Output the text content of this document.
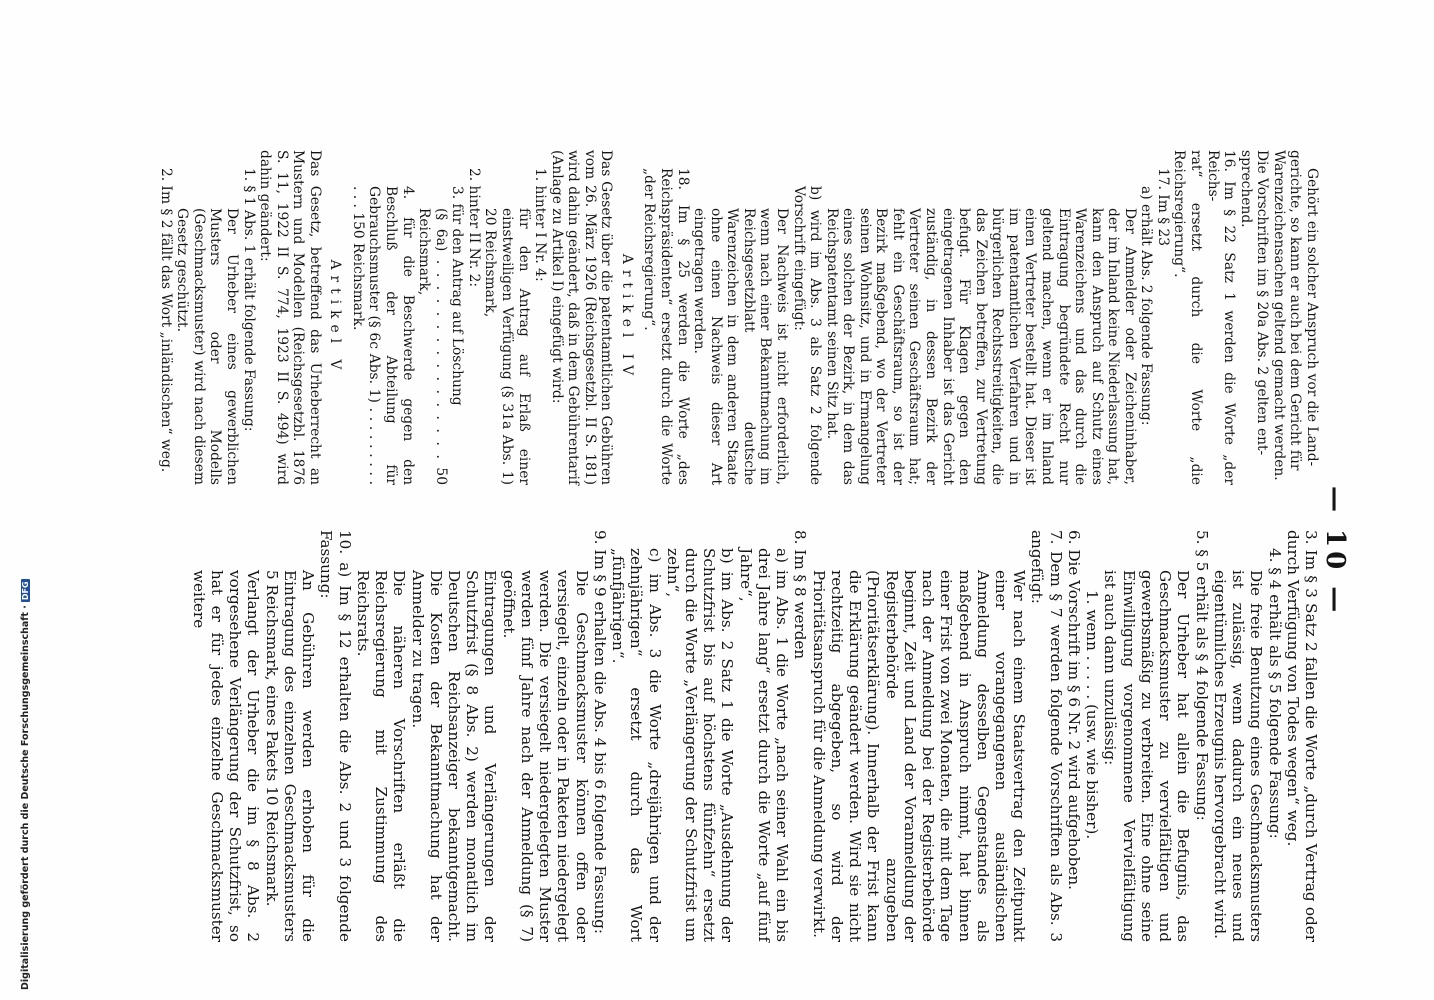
— 10 —

Gehört ein solcher Anspruch vor die Land-

gerichte, so kann er auch bei dem Gericht für

Warenzeichensachen geltend gemacht werden.

Die Vorschriften im § 20a Abs. 2 gelten ent-

sprechend.

16. Im § 22 Satz 1 werden die Worte „der Reichs-

rat“ ersetzt durch die Worte „die Reichsregierung“.

17. Im § 23

a) erhält Abs. 2 folgende Fassung:

Der Anmelder oder Zeicheninhaber, der im Inland keine Niederlassung hat, kann den Anspruch auf Schutz eines Warenzeichens und das durch die Eintragung begründete Recht nur geltend machen, wenn er im Inland einen Vertreter bestellt hat. Dieser ist im patentamtlichen Verfahren und in bürgerlichen Rechtsstreitigkeiten, die das Zeichen betreffen, zur Vertretung befugt. Für Klagen gegen den eingetragenen Inhaber ist das Gericht zuständig, in dessen Bezirk der Vertreter seinen Geschäftsraum hat; fehlt ein Geschäftsraum, so ist der Bezirk maßgebend, wo der Vertreter seinen Wohnsitz, und in Ermangelung eines solchen der Bezirk, in dem das Reichspatentamt seinen Sitz hat.

b) wird im Abs. 3 als Satz 2 folgende Vorschrift eingefügt:

Der Nachweis ist nicht erforderlich, wenn nach einer Bekanntmachung im Reichsgesetzblatt deutsche Warenzeichen in dem anderen Staate ohne einen Nachweis dieser Art eingetragen werden.

18. Im § 25 werden die Worte „des Reichspräsidenten“ ersetzt durch die Worte „der Reichsregierung“.

Artikel IV

Das Gesetz über die patentamtlichen Gebühren vom 26. März 1926 (Reichsgesetzbl. II S. 181) wird dahin geändert, daß in dem Gebührentarif (Anlage zu Artikel I) eingefügt wird:

1. hinter I Nr. 4:

für den Antrag auf Erlaß einer einstweiligen Verfügung (§ 31a Abs. 1) 20 Reichsmark,

2. hinter II Nr. 2:

3. für den Antrag auf Löschung

(§ 6a) . . . . . . . . . . . . . . . . 50 Reichsmark,

4. für die Beschwerde gegen den Beschluß der Abteilung für Gebrauchsmuster (§ 6c Abs. 1) . . . . . . . . . . . . 150 Reichsmark.

Artikel V

Das Gesetz, betreffend das Urheberrecht an Mustern und Modellen (Reichsgesetzbl. 1876 S. 11, 1922 II S. 774, 1923 II S. 494) wird dahin geändert:

1. § 1 Abs. 1 erhält folgende Fassung:

Der Urheber eines gewerblichen Musters oder Modells (Geschmacksmuster) wird nach diesem Gesetz geschützt.

2. Im § 2 fällt das Wort „inländischen“ weg.

3. Im § 3 Satz 2 fallen die Worte „durch Vertrag oder durch Verfügung von Todes wegen“ weg.

4. § 4 erhält als § 5 folgende Fassung:

Die freie Benutzung eines Geschmacksmusters ist zulässig, wenn dadurch ein neues und eigentümliches Erzeugnis hervorgebracht wird.

5. § 5 erhält als § 4 folgende Fassung:

Der Urheber hat allein die Befugnis, das Geschmacksmuster zu vervielfältigen und gewerbsmäßig zu verbreiten. Eine ohne seine Einwilligung vorgenommene Vervielfältigung ist auch dann unzulässig:

1. wenn . . . . . (usw. wie bisher).

6. Die Vorschrift im § 6 Nr. 2 wird aufgehoben.

7. Dem § 7 werden folgende Vorschriften als Abs. 3 angefügt:

Wer nach einem Staatsvertrag den Zeitpunkt einer vorangegangenen ausländischen Anmeldung desselben Gegenstandes als maßgebend in Anspruch nimmt, hat binnen einer Frist von zwei Monaten, die mit dem Tage nach der Anmeldung bei der Registerbehörde beginnt, Zeit und Land der Voranmeldung der Registerbehörde anzugeben (Prioritätserklärung). Innerhalb der Frist kann die Erklärung geändert werden. Wird sie nicht rechtzeitig abgegeben, so wird der Prioritätsanspruch für die Anmeldung verwirkt.

8. Im § 8 werden

a) im Abs. 1 die Worte „nach seiner Wahl ein bis drei Jahre lang“ ersetzt durch die Worte „auf fünf Jahre“,

b) im Abs. 2 Satz 1 die Worte „Ausdehnung der Schutzfrist bis auf höchstens fünfzehn“ ersetzt durch die Worte „Verlängerung der Schutzfrist um zehn“,

c) im Abs. 3 die Worte „dreijährigen und der zehnjährigen“ ersetzt durch das Wort „fünfjährigen“.

9. Im § 9 erhalten die Abs. 4 bis 6 folgende Fassung:

Die Geschmacksmuster können offen oder versiegelt, einzeln oder in Paketen niedergelegt werden. Die versiegelt niedergelegten Muster werden fünf Jahre nach der Anmeldung (§ 7) geöffnet.

Eintragungen und Verlängerungen der Schutzfrist (§ 8 Abs. 2) werden monatlich im Deutschen Reichsanzeiger bekanntgemacht. Die Kosten der Bekanntmachung hat der Anmelder zu tragen.

Die näheren Vorschriften erläßt die Reichsregierung mit Zustimmung des Reichsrats.

10. a) Im § 12 erhalten die Abs. 2 und 3 folgende Fassung:

An Gebühren werden erhoben für die Eintragung des einzelnen Geschmacksmusters 5 Reichsmark, eines Pakets 10 Reichsmark.

Verlangt der Urheber die im § 8 Abs. 2 vorgesehene Verlängerung der Schutzfrist, so hat er für jedes einzelne Geschmacksmuster weitere

Digitalisierung gefördert durch die Deutsche Forschungsgemeinschaft ·DFG
